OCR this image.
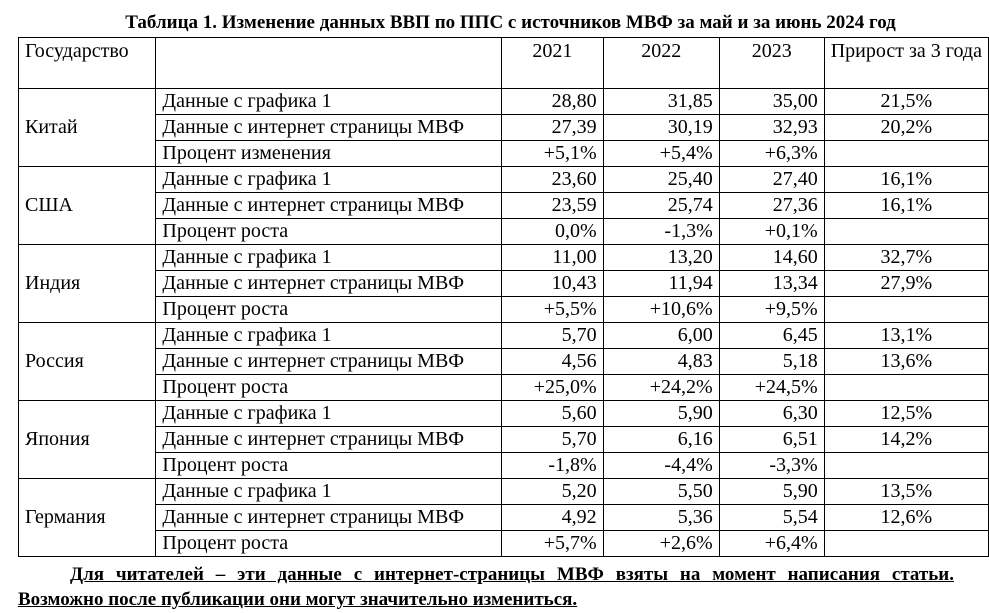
Таблица 1. Изменение данных ВВП по ППС с источников МВФ за май и за июнь 2024 год
Государство		2021	2022	2023	Прирост за 3 года
Китай	Данные с графика 1	28,80	31,85	35,00	21,5%
	Данные с интернет страницы МВФ	27,39	30,19	32,93	20,2%
	Процент изменения	+5,1%	+5,4%	+6,3%	
США	Данные с графика 1	23,60	25,40	27,40	16,1%
	Данные с интернет страницы МВФ	23,59	25,74	27,36	16,1%
	Процент роста	0,0%	-1,3%	+0,1%	
Индия	Данные с графика 1	11,00	13,20	14,60	32,7%
	Данные с интернет страницы МВФ	10,43	11,94	13,34	27,9%
	Процент роста	+5,5%	+10,6%	+9,5%	
Россия	Данные с графика 1	5,70	6,00	6,45	13,1%
	Данные с интернет страницы МВФ	4,56	4,83	5,18	13,6%
	Процент роста	+25,0%	+24,2%	+24,5%	
Япония	Данные с графика 1	5,60	5,90	6,30	12,5%
	Данные с интернет страницы МВФ	5,70	6,16	6,51	14,2%
	Процент роста	-1,8%	-4,4%	-3,3%	
Германия	Данные с графика 1	5,20	5,50	5,90	13,5%
	Данные с интернет страницы МВФ	4,92	5,36	5,54	12,6%
	Процент роста	+5,7%	+2,6%	+6,4%	
Для читателей – эти данные с интернет-страницы МВФ взяты на момент написания статьи. Возможно после публикации они могут значительно измениться.
